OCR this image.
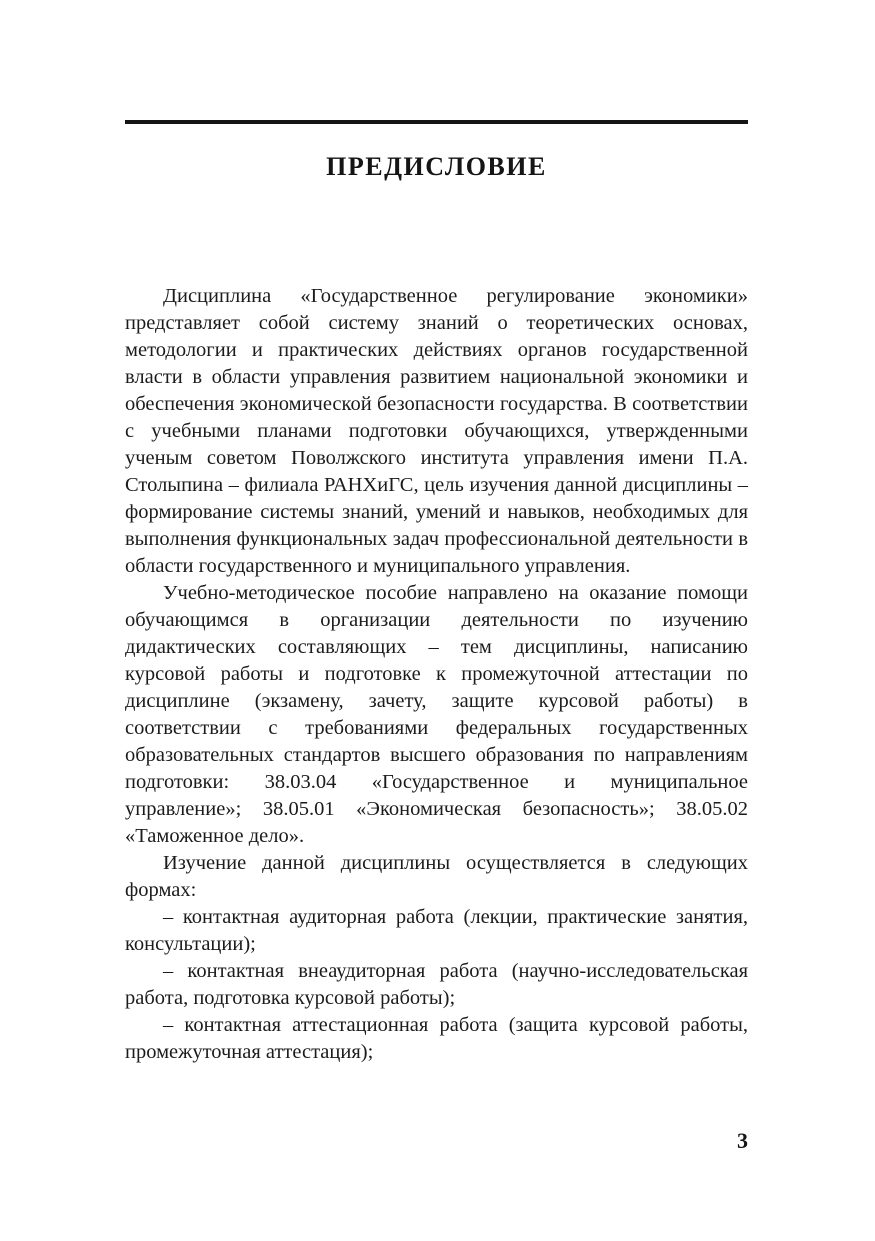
ПРЕДИСЛОВИЕ

Дисциплина «Государственное регулирование экономики» представляет собой систему знаний о теоретических основах, методологии и практических действиях органов государственной власти в области управления развитием национальной экономики и обеспечения экономической безопасности государства. В соответствии с учебными планами подготовки обучающихся, утвержденными ученым советом Поволжского института управления имени П.А. Столыпина – филиала РАНХиГС, цель изучения данной дисциплины – формирование системы знаний, умений и навыков, необходимых для выполнения функциональных задач профессиональной деятельности в области государственного и муниципального управления.

Учебно-методическое пособие направлено на оказание помощи обучающимся в организации деятельности по изучению дидактических составляющих – тем дисциплины, написанию курсовой работы и подготовке к промежуточной аттестации по дисциплине (экзамену, зачету, защите курсовой работы) в соответствии с требованиями федеральных государственных образовательных стандартов высшего образования по направлениям подготовки: 38.03.04 «Государственное и муниципальное управление»; 38.05.01 «Экономическая безопасность»; 38.05.02 «Таможенное дело».

Изучение данной дисциплины осуществляется в следующих формах:

– контактная аудиторная работа (лекции, практические занятия, консультации);

– контактная внеаудиторная работа (научно-исследовательская работа, подготовка курсовой работы);

– контактная аттестационная работа (защита курсовой работы, промежуточная аттестация);

3
